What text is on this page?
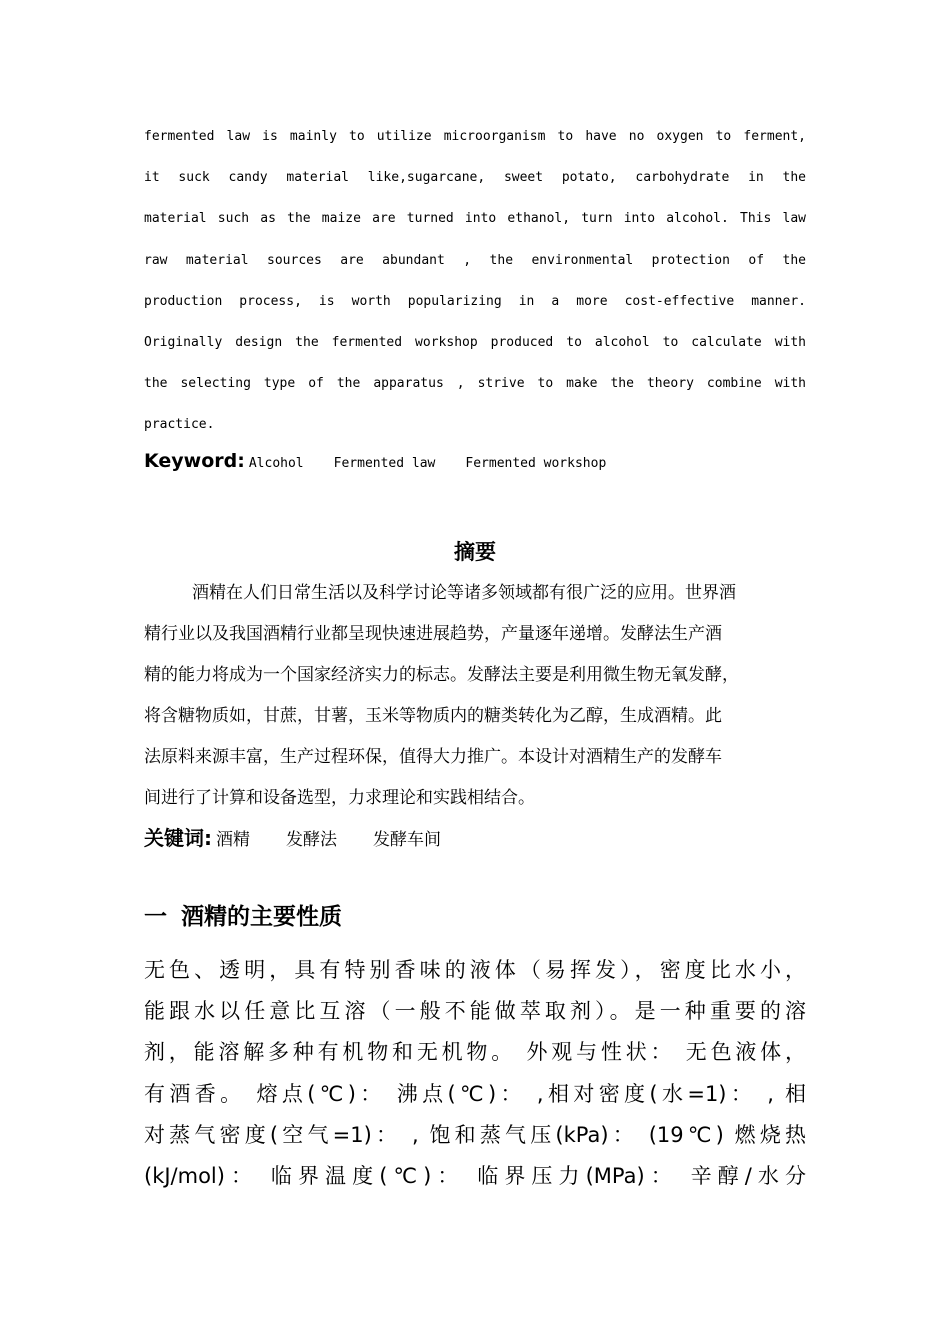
fermented law is mainly to utilize microorganism to have no oxygen to ferment,
it suck candy material like,sugarcane, sweet potato, carbohydrate in the
material such as the maize are turned into ethanol, turn into alcohol. This law
raw material sources are abundant , the environmental protection of the
production process, is worth popularizing in a more cost-effective manner.
Originally design the fermented workshop produced to alcohol to calculate with
the selecting type of the apparatus , strive to make the theory combine with
practice.
Keyword: Alcohol Fermented law Fermented workshop
摘要
酒精在人们日常生活以及科学讨论等诸多领域都有很广泛的应用。世界酒
精行业以及我国酒精行业都呈现快速进展趋势，产量逐年递增。发酵法生产酒
精的能力将成为一个国家经济实力的标志。发酵法主要是利用微生物无氧发酵，
将含糖物质如，甘蔗，甘薯，玉米等物质内的糖类转化为乙醇，生成酒精。此
法原料来源丰富，生产过程环保，值得大力推广。本设计对酒精生产的发酵车
间进行了计算和设备选型，力求理论和实践相结合。
关键词: 酒精 发酵法 发酵车间
一 酒精的主要性质
无色、透明，具有特别香味的液体（易挥发），密度比水小，
能跟水以任意比互溶（一般不能做萃取剂）。是一种重要的溶
剂，能溶解多种有机物和无机物。 外观与性状： 无色液体，
有酒香。 熔点(℃)： 沸点(℃)： ,相对密度(水=1)： , 相
对蒸气密度(空气=1)： , 饱和蒸气压(kPa)： (19℃) 燃烧热
(kJ/mol)： 临界温度(℃)： 临界压力(MPa)： 辛醇/水分
